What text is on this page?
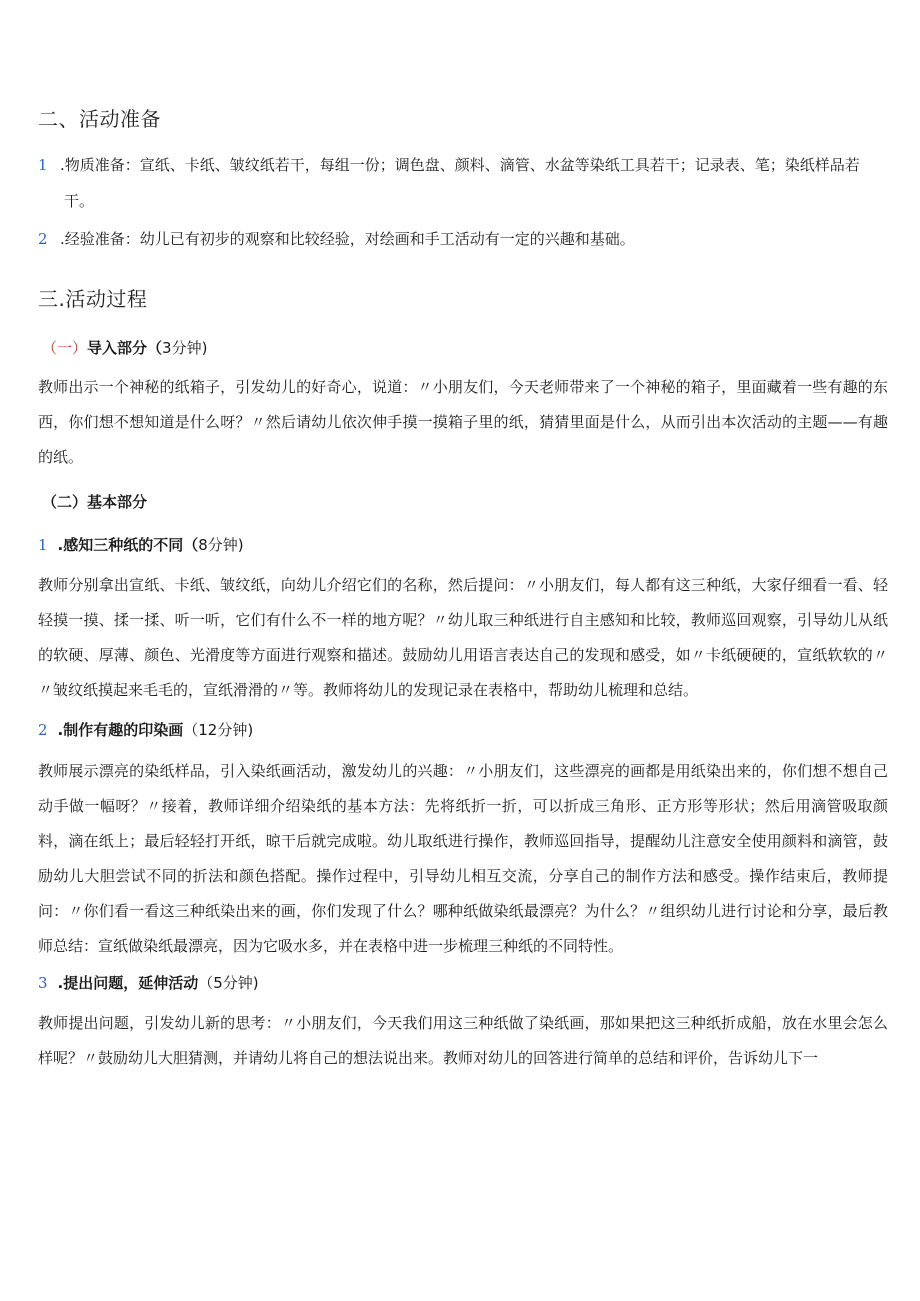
二、活动准备
1 .物质准备：宣纸、卡纸、皱纹纸若干，每组一份；调色盘、颜料、滴管、水盆等染纸工具若干；记录表、笔；染纸样品若
干。
2 .经验准备：幼儿已有初步的观察和比较经验，对绘画和手工活动有一定的兴趣和基础。
三.活动过程
（一）导入部分（3分钟)
教师出示一个神秘的纸箱子，引发幼儿的好奇心，说道：〃小朋友们，今天老师带来了一个神秘的箱子，里面藏着一些有趣的东西，你们想不想知道是什么呀？〃然后请幼儿依次伸手摸一摸箱子里的纸，猜猜里面是什么，从而引出本次活动的主题——有趣的纸。
（二）基本部分
1 .感知三种纸的不同（8分钟)
教师分别拿出宣纸、卡纸、皱纹纸，向幼儿介绍它们的名称，然后提问：〃小朋友们，每人都有这三种纸，大家仔细看一看、轻轻摸一摸、揉一揉、听一听，它们有什么不一样的地方呢？〃幼儿取三种纸进行自主感知和比较，教师巡回观察，引导幼儿从纸的软硬、厚薄、颜色、光滑度等方面进行观察和描述。鼓励幼儿用语言表达自己的发现和感受，如〃卡纸硬硬的，宣纸软软的〃〃皱纹纸摸起来毛毛的，宣纸滑滑的〃等。教师将幼儿的发现记录在表格中，帮助幼儿梳理和总结。
2 .制作有趣的印染画（12分钟)
教师展示漂亮的染纸样品，引入染纸画活动，激发幼儿的兴趣：〃小朋友们，这些漂亮的画都是用纸染出来的，你们想不想自己动手做一幅呀？〃接着，教师详细介绍染纸的基本方法：先将纸折一折，可以折成三角形、正方形等形状；然后用滴管吸取颜料，滴在纸上；最后轻轻打开纸，晾干后就完成啦。幼儿取纸进行操作，教师巡回指导，提醒幼儿注意安全使用颜料和滴管，鼓励幼儿大胆尝试不同的折法和颜色搭配。操作过程中，引导幼儿相互交流，分享自己的制作方法和感受。操作结束后，教师提问：〃你们看一看这三种纸染出来的画，你们发现了什么？哪种纸做染纸最漂亮？为什么？〃组织幼儿进行讨论和分享，最后教师总结：宣纸做染纸最漂亮，因为它吸水多，并在表格中进一步梳理三种纸的不同特性。
3 .提出问题，延伸活动（5分钟)
教师提出问题，引发幼儿新的思考：〃小朋友们，今天我们用这三种纸做了染纸画，那如果把这三种纸折成船，放在水里会怎么样呢？〃鼓励幼儿大胆猜测，并请幼儿将自己的想法说出来。教师对幼儿的回答进行简单的总结和评价，告诉幼儿下一
